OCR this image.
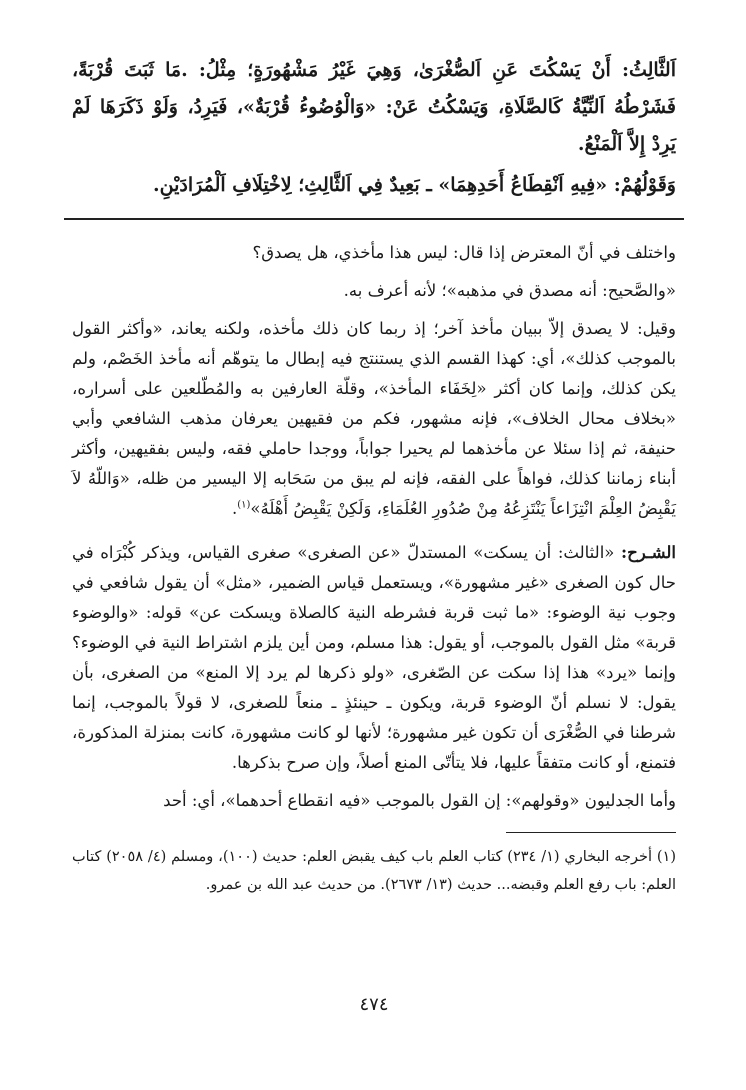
اَلثَّالِثُ: أَنْ يَسْكُتَ عَنِ اَلصُّغْرَىٰ، وَهِيَ غَيْرُ مَشْهُورَةٍ؛ مِثْلُ: .مَا ثَبَتَ قُرْبَةً، فَشَرْطُهُ اَلنِّيَّةُ كَالصَّلَاةِ، وَيَسْكُتُ عَنْ: «وَالْوُضُوءُ قُرْبَةٌ»، فَيَرِدُ، وَلَوْ ذَكَرَهَا لَمْ يَرِدْ إِلاَّ اَلْمَنْعُ.

وَقَوْلُهُمْ: «فِيهِ اَنْقِطَاعُ أَحَدِهِمَا» ـ بَعِيدٌ فِي اَلثَّالِثِ؛ لِاخْتِلَافِ اَلْمُرَادَيْنِ.

واختلف في أنّ المعترض إذا قال: ليس هذا مأخذي، هل يصدق؟

«والصَّحيح: أنه مصدق في مذهبه»؛ لأنه أعرف به.

وقيل: لا يصدق إلاّ ببيان مأخذ آخر؛ إذ ربما كان ذلك مأخذه، ولكنه يعاند، «وأكثر القول بالموجب كذلك»، أي: كهذا القسم الذي يستنتج فيه إبطال ما يتوهّم أنه مأخذ الخَصْم، ولم يكن كذلك، وإنما كان أكثر «لِخَفَاء المأخذ»، وقلّة العارفين به والمُطّلعين على أسراره، «بخلاف محال الخلاف»، فإنه مشهور، فكم من فقيهين يعرفان مذهب الشافعي وأبي حنيفة، ثم إذا سئلا عن مأخذهما لم يحيرا جواباً، ووجدا حاملي فقه، وليس بفقيهين، وأكثر أبناء زماننا كذلك، فواهاً على الفقه، فإنه لم يبق من سَحَابه إلا اليسير من ظله، «وَاللّهُ لاَ يَقْبِضُ العِلْمَ انْتِزَاعاً يَنْتَزِعُهُ مِنْ صُدُورِ العُلَمَاءِ، وَلَكِنْ يَقْبِضُ أَهْلَهُ»$^{(١)}$.

الشـرح: «الثالث: أن يسكت» المستدلّ «عن الصغرى» صغرى القياس، ويذكر كُبْرَاه في حال كون الصغرى «غير مشهورة»، ويستعمل قياس الضمير، «مثل» أن يقول شافعي في وجوب نية الوضوء: «ما ثبت قربة فشرطه النية كالصلاة ويسكت عن» قوله: «والوضوء قربة» مثل القول بالموجب، أو يقول: هذا مسلم، ومن أين يلزم اشتراط النية في الوضوء؟ وإنما «يرد» هذا إذا سكت عن الصّغرى، «ولو ذكرها لم يرد إلا المنع» من الصغرى، بأن يقول: لا نسلم أنّ الوضوء قربة، ويكون ـ حينئذٍ ـ منعاً للصغرى، لا قولاً بالموجب، إنما شرطنا في الصُّغْرَى أن تكون غير مشهورة؛ لأنها لو كانت مشهورة، كانت بمنزلة المذكورة، فتمنع، أو كانت متفقاً عليها، فلا يتأتّى المنع أصلاً، وإن صرح بذكرها.

وأما الجدليون «وقولهم»: إن القول بالموجب «فيه انقطاع أحدهما»، أي: أحد

(١) أخرجه البخاري (١/ ٢٣٤) كتاب العلم باب كيف يقبض العلم: حديث (١٠٠)، ومسلم (٤/ ٢٠٥٨) كتاب العلم: باب رفع العلم وقبضه... حديث (١٣/ ٢٦٧٣). من حديث عبد الله بن عمرو.

٤٧٤
